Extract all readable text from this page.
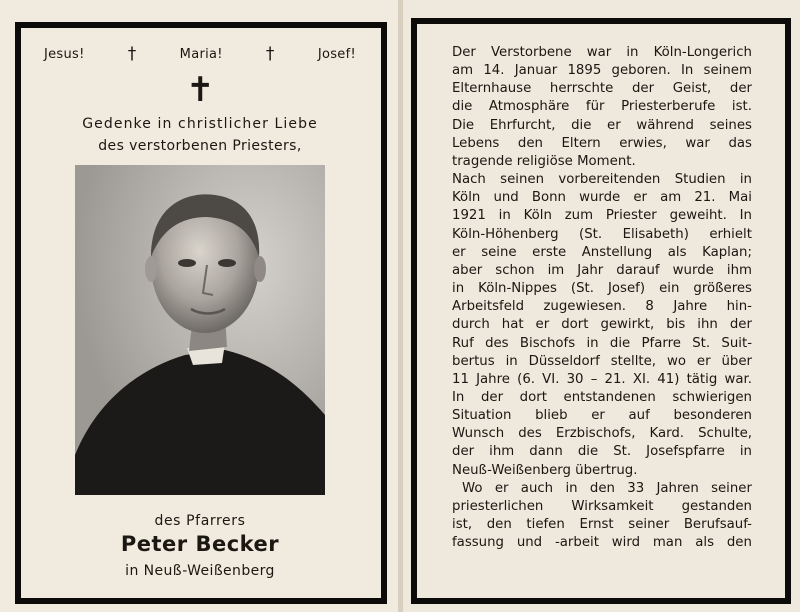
Jesus!	†	Maria!	†	Josef!
✝
Gedenke in christlicher Liebe
des verstorbenen Priesters,
des Pfarrers
Peter Becker
in Neuß-Weißenberg
Der Verstorbene war in Köln-Longerich
am 14. Januar 1895 geboren. In seinem
Elternhause herrschte der Geist, der
die Atmosphäre für Priesterberufe ist.
Die Ehrfurcht, die er während seines
Lebens den Eltern erwies, war das
tragende religiöse Moment.
Nach seinen vorbereitenden Studien in
Köln und Bonn wurde er am 21. Mai
1921 in Köln zum Priester geweiht. In
Köln-Höhenberg (St. Elisabeth) erhielt
er seine erste Anstellung als Kaplan;
aber schon im Jahr darauf wurde ihm
in Köln-Nippes (St. Josef) ein größeres
Arbeitsfeld zugewiesen. 8 Jahre hin-
durch hat er dort gewirkt, bis ihn der
Ruf des Bischofs in die Pfarre St. Suit-
bertus in Düsseldorf stellte, wo er über
11 Jahre (6. VI. 30 – 21. XI. 41) tätig war.
In der dort entstandenen schwierigen
Situation blieb er auf besonderen
Wunsch des Erzbischofs, Kard. Schulte,
der ihm dann die St. Josefspfarre in
Neuß-Weißenberg übertrug.
Wo er auch in den 33 Jahren seiner
priesterlichen Wirksamkeit gestanden
ist, den tiefen Ernst seiner Berufsauf-
fassung und -arbeit wird man als den
